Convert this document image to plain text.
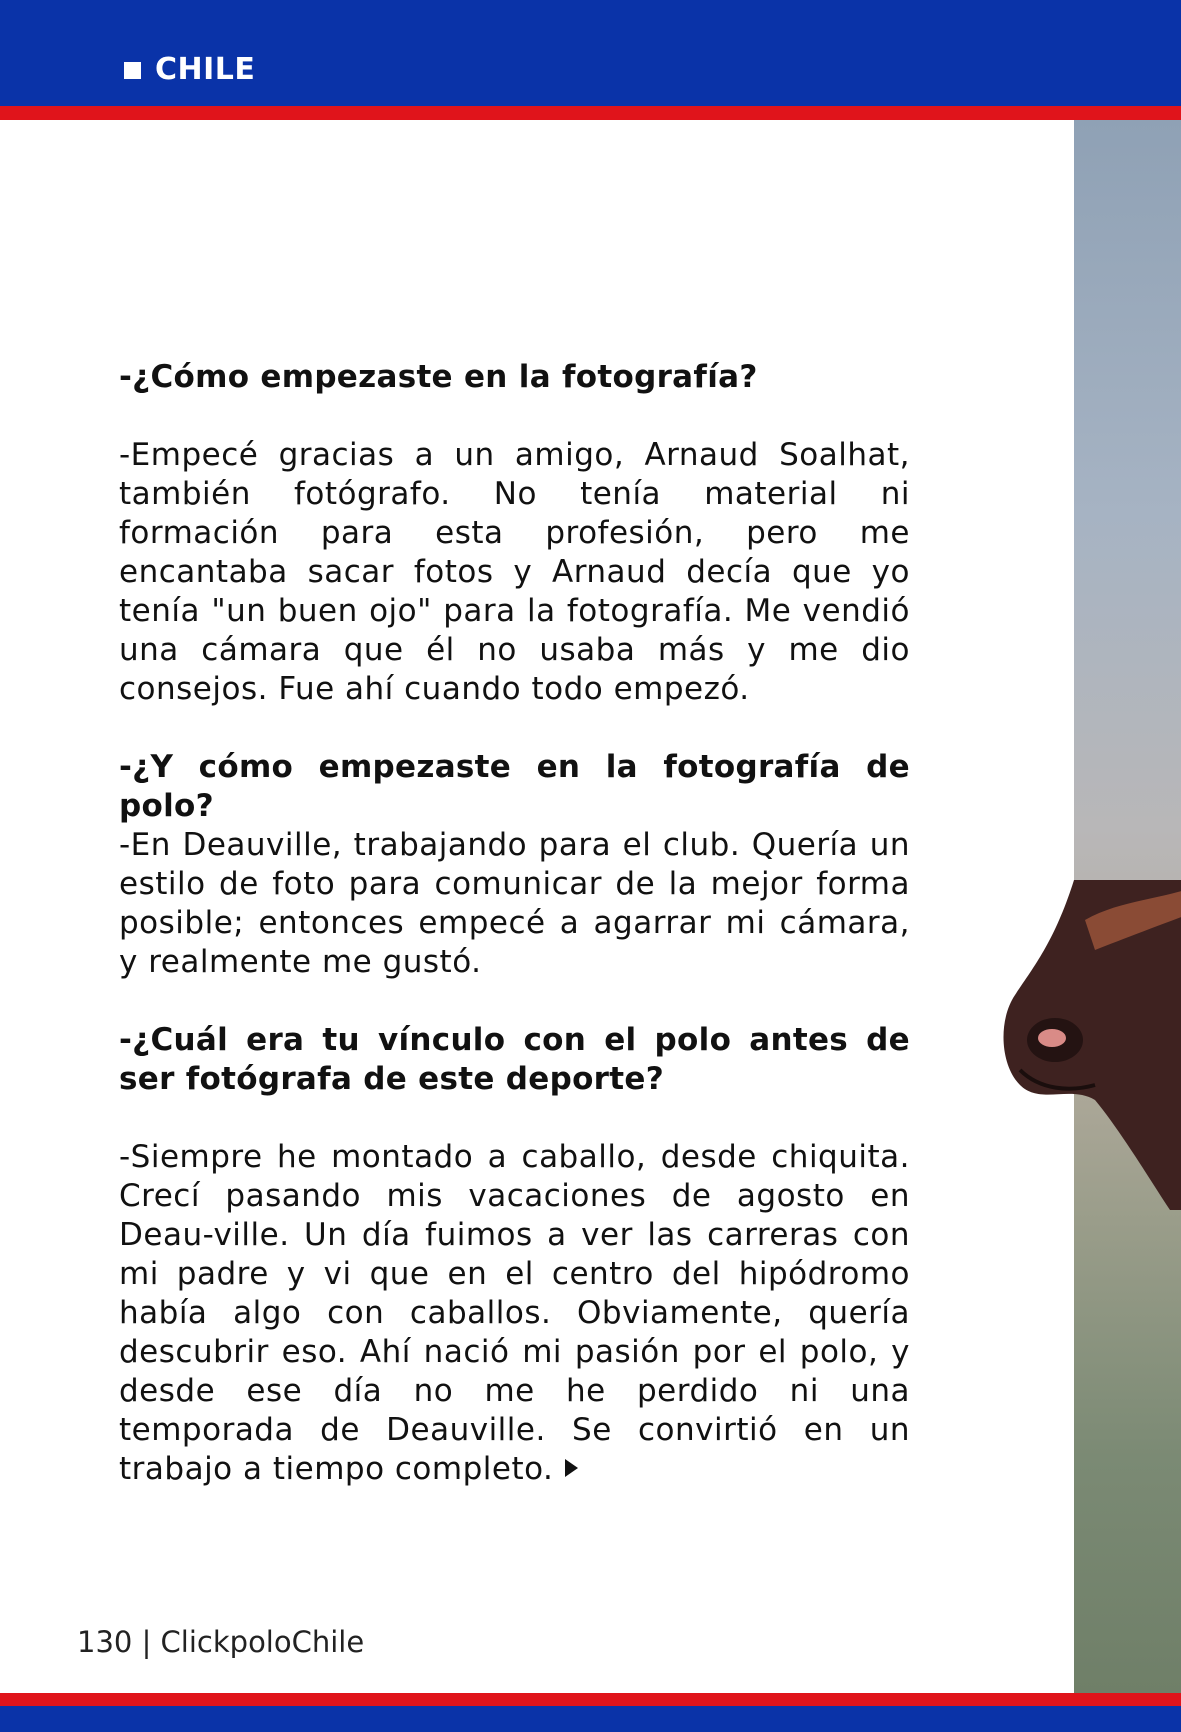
CHILE

-¿Cómo empezaste en la fotografía?

-Empecé gracias a un amigo, Arnaud Soalhat, también fotógrafo. No tenía material ni formación para esta profesión, pero me encantaba sacar fotos y Arnaud decía que yo tenía "un buen ojo" para la fotografía. Me vendió una cámara que él no usaba más y me dio consejos. Fue ahí cuando todo empezó.

-¿Y cómo empezaste en la fotografía de polo?

-En Deauville, trabajando para el club. Quería un estilo de foto para comunicar de la mejor forma posible; entonces empecé a agarrar mi cámara, y realmente me gustó.

-¿Cuál era tu vínculo con el polo antes de ser fotógrafa de este deporte?

-Siempre he montado a caballo, desde chiquita. Crecí pasando mis vacaciones de agosto en Deau-ville. Un día fuimos a ver las carreras con mi padre y vi que en el centro del hipódromo había algo con caballos. Obviamente, quería descubrir eso. Ahí nació mi pasión por el polo, y desde ese día no me he perdido ni una temporada de Deauville. Se convirtió en un trabajo a tiempo completo.

130 | ClickpoloChile
